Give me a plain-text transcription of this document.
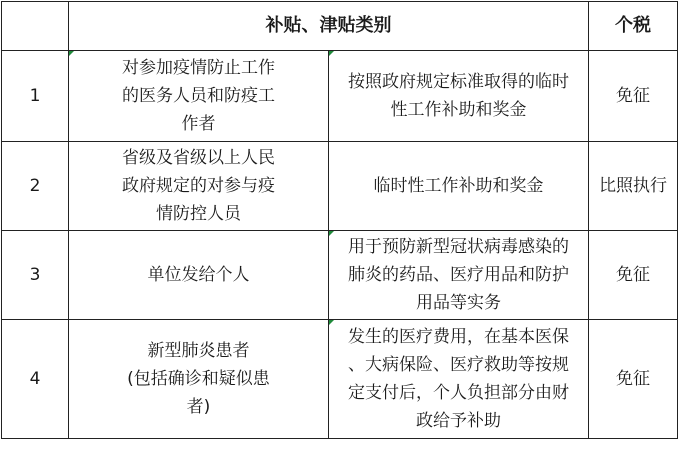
	补贴、津贴类别		个税
1	对参加疫情防止工作
的医务人员和防疫工
作者	按照政府规定标准取得的临时
性工作补助和奖金	免征
2	省级及省级以上人民
政府规定的对参与疫
情防控人员	临时性工作补助和奖金	比照执行
3	单位发给个人	用于预防新型冠状病毒感染的
肺炎的药品、医疗用品和防护
用品等实务	免征
4	新型肺炎患者
(包括确诊和疑似患
者)	发生的医疗费用，在基本医保
、大病保险、医疗救助等按规
定支付后，个人负担部分由财
政给予补助	免征
